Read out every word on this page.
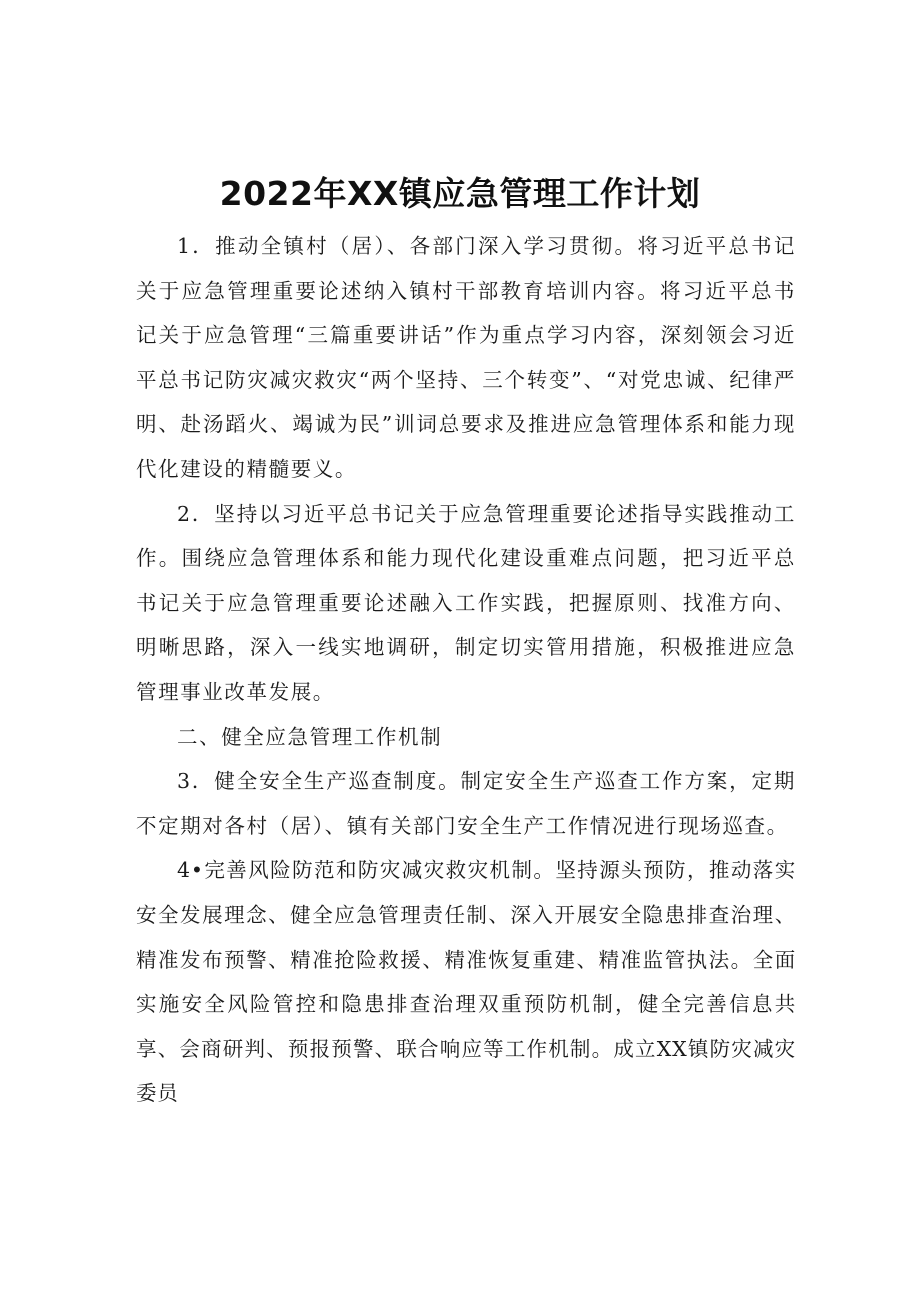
2022年XX镇应急管理工作计划

1．推动全镇村（居）、各部门深入学习贯彻。将习近平总书记关于应急管理重要论述纳入镇村干部教育培训内容。将习近平总书记关于应急管理“三篇重要讲话”作为重点学习内容，深刻领会习近平总书记防灾减灾救灾“两个坚持、三个转变”、“对党忠诚、纪律严明、赴汤蹈火、竭诚为民”训词总要求及推进应急管理体系和能力现代化建设的精髓要义。

2．坚持以习近平总书记关于应急管理重要论述指导实践推动工作。围绕应急管理体系和能力现代化建设重难点问题，把习近平总书记关于应急管理重要论述融入工作实践，把握原则、找准方向、明晰思路，深入一线实地调研，制定切实管用措施，积极推进应急管理事业改革发展。

二、健全应急管理工作机制

3．健全安全生产巡查制度。制定安全生产巡查工作方案，定期不定期对各村（居）、镇有关部门安全生产工作情况进行现场巡查。

4•完善风险防范和防灾减灾救灾机制。坚持源头预防，推动落实安全发展理念、健全应急管理责任制、深入开展安全隐患排查治理、精准发布预警、精准抢险救援、精准恢复重建、精准监管执法。全面实施安全风险管控和隐患排查治理双重预防机制，健全完善信息共享、会商研判、预报预警、联合响应等工作机制。成立XX镇防灾减灾委员
